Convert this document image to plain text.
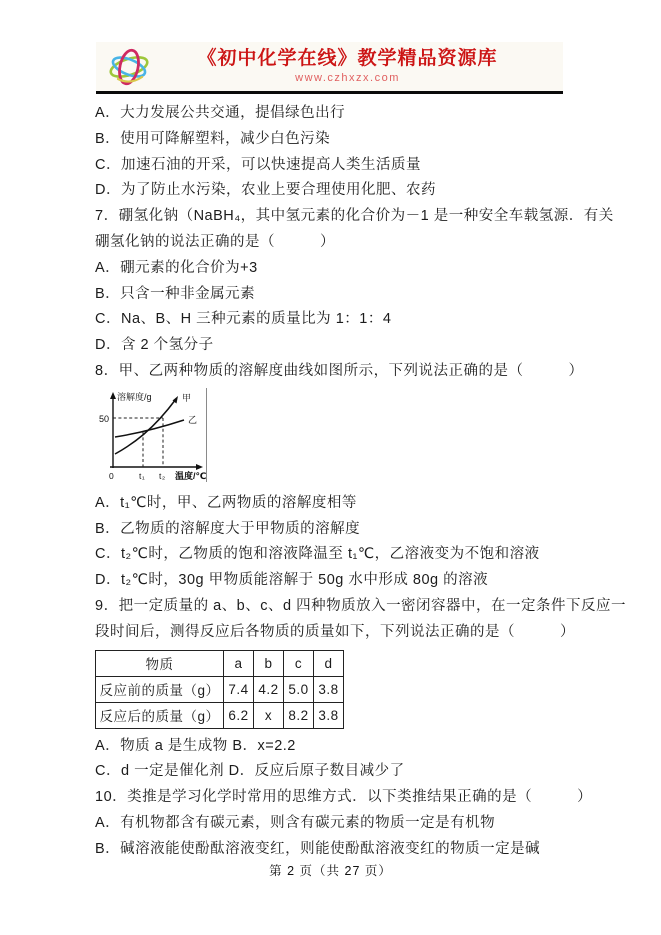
《初中化学在线》教学精品资源库
www.czhxzx.com

A．大力发展公共交通，提倡绿色出行

B．使用可降解塑料，减少白色污染

C．加速石油的开采，可以快速提高人类生活质量

D．为了防止水污染，农业上要合理使用化肥、农药

7．硼氢化钠（NaBH₄，其中氢元素的化合价为－1 是一种安全车载氢源．有关

硼氢化钠的说法正确的是（　　　）

A．硼元素的化合价为+3

B．只含一种非金属元素

C．Na、B、H 三种元素的质量比为 1：1：4

D．含 2 个氢分子

8．甲、乙两种物质的溶解度曲线如图所示，下列说法正确的是（　　　）

溶解度/g
50
甲
乙
0	t₁ t₂ 温度/℃

A．t₁℃时，甲、乙两物质的溶解度相等

B．乙物质的溶解度大于甲物质的溶解度

C．t₂℃时，乙物质的饱和溶液降温至 t₁℃，乙溶液变为不饱和溶液

D．t₂℃时，30g 甲物质能溶解于 50g 水中形成 80g 的溶液

9．把一定质量的 a、b、c、d 四种物质放入一密闭容器中，在一定条件下反应一

段时间后，测得反应后各物质的质量如下，下列说法正确的是（　　　）

物质	a	b	c	d
反应前的质量（g）	7.4	4.2	5.0	3.8
反应后的质量（g）	6.2	x	8.2	3.8

A．物质 a 是生成物 B．x=2.2

C．d 一定是催化剂 D．反应后原子数目减少了

10．类推是学习化学时常用的思维方式．以下类推结果正确的是（　　　）

A．有机物都含有碳元素，则含有碳元素的物质一定是有机物

B．碱溶液能使酚酞溶液变红，则能使酚酞溶液变红的物质一定是碱

第 2 页（共 27 页）
